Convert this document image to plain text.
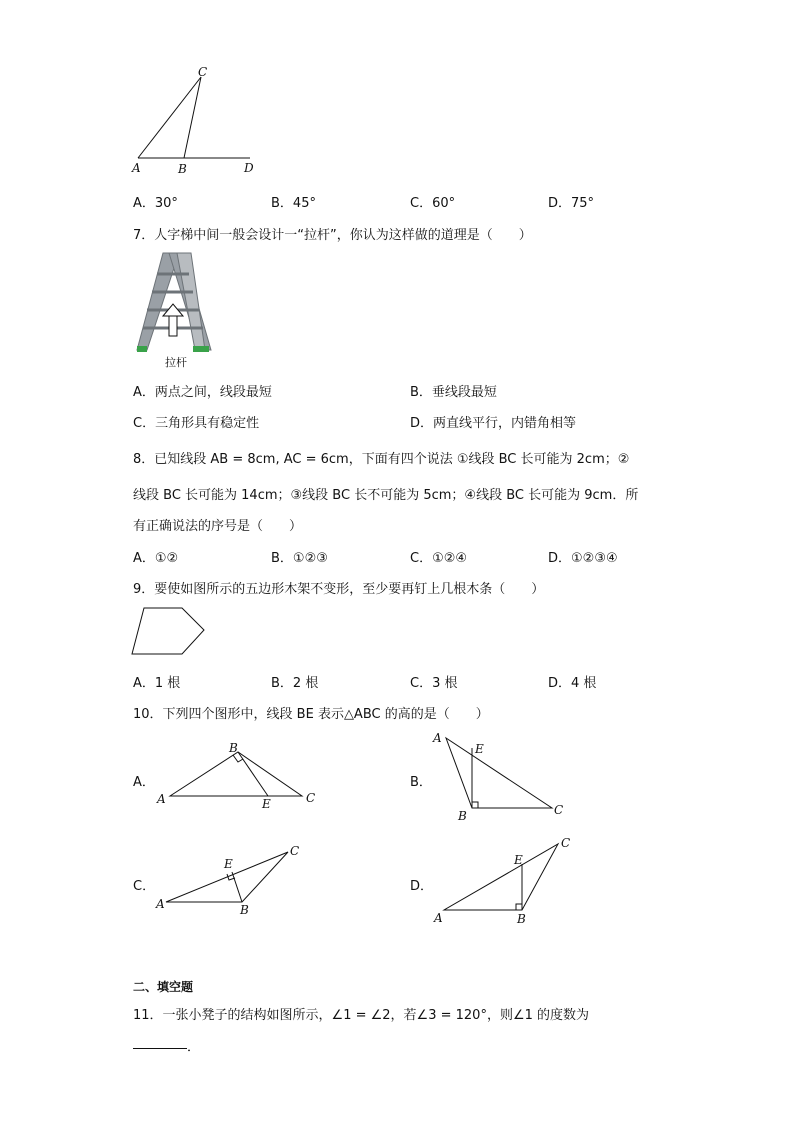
C
A	B	D
A．30°	B．45°	C．60°	D．75°
7．人字梯中间一般会设计一“拉杆”，你认为这样做的道理是（　　）
拉杆
A．两点之间，线段最短	B．垂线段最短
C．三角形具有稳定性	D．两直线平行，内错角相等
8．已知线段 AB = 8cm, AC = 6cm，下面有四个说法 ①线段 BC 长可能为 2cm；②
线段 BC 长可能为 14cm；③线段 BC 长不可能为 5cm；④线段 BC 长可能为 9cm．所
有正确说法的序号是（　　）
A．①②	B．①②③	C．①②④	D．①②③④
9．要使如图所示的五边形木架不变形，至少要再钉上几根木条（　　）
A．1 根	B．2 根	C．3 根	D．4 根
10．下列四个图形中，线段 BE 表示△ABC 的高的是（　　）
A．
B
A	E	C
B．
A
E
B	C
C．
E
C
A	B
D．
E
C
A	B
二、填空题
11．一张小凳子的结构如图所示，∠1 = ∠2，若∠3 = 120°，则∠1 的度数为
．
